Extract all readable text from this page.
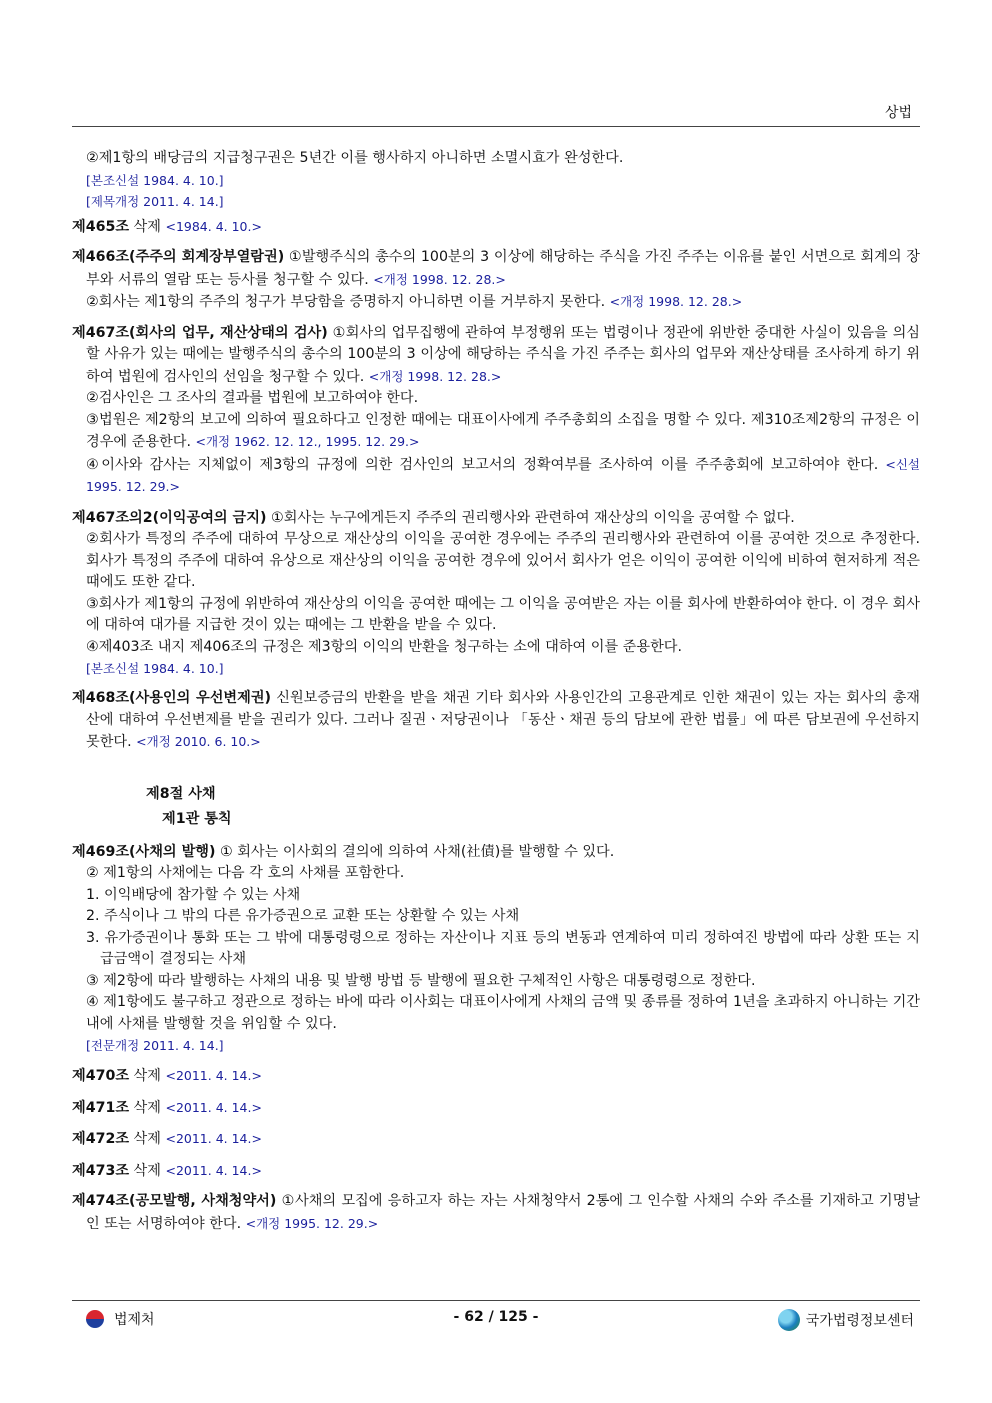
상법
②제1항의 배당금의 지급청구권은 5년간 이를 행사하지 아니하면 소멸시효가 완성한다.
[본조신설 1984. 4. 10.]
[제목개정 2011. 4. 14.]
제465조 삭제 <1984. 4. 10.>
제466조(주주의 회계장부열람권) ①발행주식의 총수의 100분의 3 이상에 해당하는 주식을 가진 주주는 이유를 붙인 서면으로 회계의 장부와 서류의 열람 또는 등사를 청구할 수 있다. <개정 1998. 12. 28.>
②회사는 제1항의 주주의 청구가 부당함을 증명하지 아니하면 이를 거부하지 못한다. <개정 1998. 12. 28.>
제467조(회사의 업무, 재산상태의 검사) ①회사의 업무집행에 관하여 부정행위 또는 법령이나 정관에 위반한 중대한 사실이 있음을 의심할 사유가 있는 때에는 발행주식의 총수의 100분의 3 이상에 해당하는 주식을 가진 주주는 회사의 업무와 재산상태를 조사하게 하기 위하여 법원에 검사인의 선임을 청구할 수 있다. <개정 1998. 12. 28.>
②검사인은 그 조사의 결과를 법원에 보고하여야 한다.
③법원은 제2항의 보고에 의하여 필요하다고 인정한 때에는 대표이사에게 주주총회의 소집을 명할 수 있다. 제310조제2항의 규정은 이 경우에 준용한다. <개정 1962. 12. 12., 1995. 12. 29.>
④이사와 감사는 지체없이 제3항의 규정에 의한 검사인의 보고서의 정확여부를 조사하여 이를 주주총회에 보고하여야 한다. <신설 1995. 12. 29.>
제467조의2(이익공여의 금지) ①회사는 누구에게든지 주주의 권리행사와 관련하여 재산상의 이익을 공여할 수 없다.
②회사가 특정의 주주에 대하여 무상으로 재산상의 이익을 공여한 경우에는 주주의 권리행사와 관련하여 이를 공여한 것으로 추정한다. 회사가 특정의 주주에 대하여 유상으로 재산상의 이익을 공여한 경우에 있어서 회사가 얻은 이익이 공여한 이익에 비하여 현저하게 적은 때에도 또한 같다.
③회사가 제1항의 규정에 위반하여 재산상의 이익을 공여한 때에는 그 이익을 공여받은 자는 이를 회사에 반환하여야 한다. 이 경우 회사에 대하여 대가를 지급한 것이 있는 때에는 그 반환을 받을 수 있다.
④제403조 내지 제406조의 규정은 제3항의 이익의 반환을 청구하는 소에 대하여 이를 준용한다.
[본조신설 1984. 4. 10.]
제468조(사용인의 우선변제권) 신원보증금의 반환을 받을 채권 기타 회사와 사용인간의 고용관계로 인한 채권이 있는 자는 회사의 총재산에 대하여 우선변제를 받을 권리가 있다. 그러나 질권ㆍ저당권이나 「동산ㆍ채권 등의 담보에 관한 법률」에 따른 담보권에 우선하지 못한다. <개정 2010. 6. 10.>
제8절 사채
제1관 통칙
제469조(사채의 발행) ① 회사는 이사회의 결의에 의하여 사채(社債)를 발행할 수 있다.
② 제1항의 사채에는 다음 각 호의 사채를 포함한다.
1. 이익배당에 참가할 수 있는 사채
2. 주식이나 그 밖의 다른 유가증권으로 교환 또는 상환할 수 있는 사채
3. 유가증권이나 통화 또는 그 밖에 대통령령으로 정하는 자산이나 지표 등의 변동과 연계하여 미리 정하여진 방법에 따라 상환 또는 지급금액이 결정되는 사채
③ 제2항에 따라 발행하는 사채의 내용 및 발행 방법 등 발행에 필요한 구체적인 사항은 대통령령으로 정한다.
④ 제1항에도 불구하고 정관으로 정하는 바에 따라 이사회는 대표이사에게 사채의 금액 및 종류를 정하여 1년을 초과하지 아니하는 기간 내에 사채를 발행할 것을 위임할 수 있다.
[전문개정 2011. 4. 14.]
제470조 삭제 <2011. 4. 14.>
제471조 삭제 <2011. 4. 14.>
제472조 삭제 <2011. 4. 14.>
제473조 삭제 <2011. 4. 14.>
제474조(공모발행, 사채청약서) ①사채의 모집에 응하고자 하는 자는 사채청약서 2통에 그 인수할 사채의 수와 주소를 기재하고 기명날인 또는 서명하여야 한다. <개정 1995. 12. 29.>
법제처	- 62 / 125 -	국가법령정보센터
